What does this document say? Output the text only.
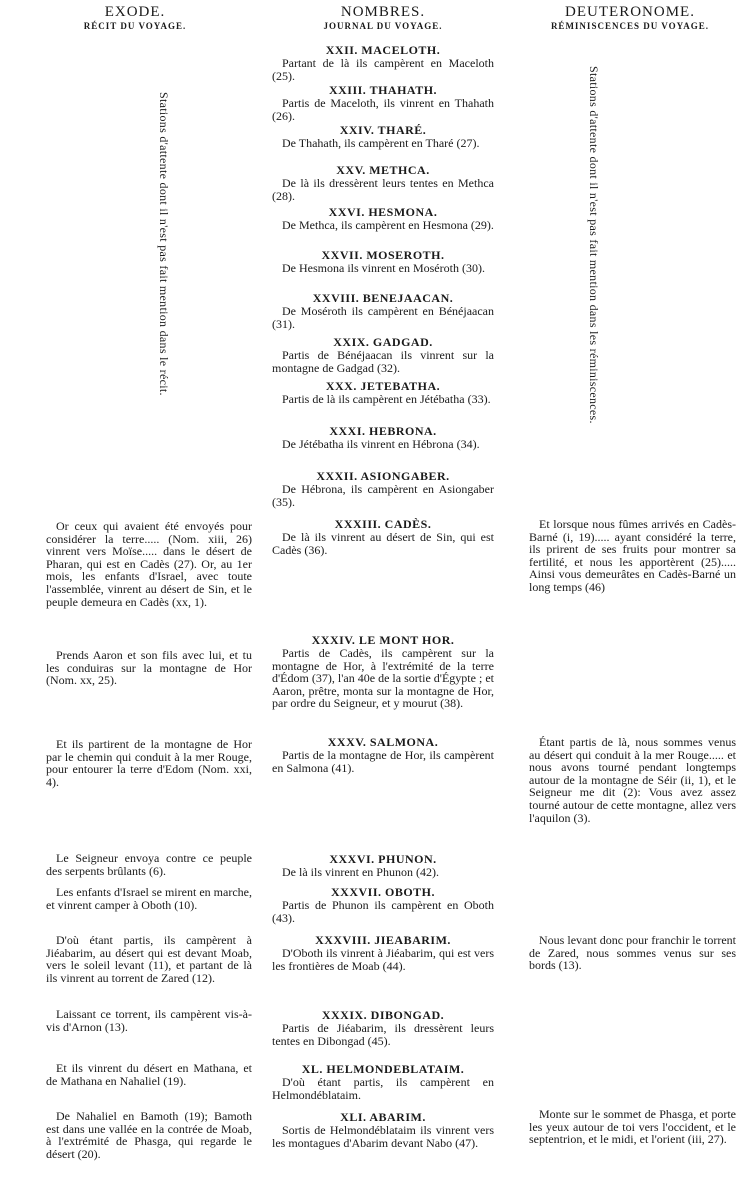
EXODE.
RÉCIT DU VOYAGE.
NOMBRES.
JOURNAL DU VOYAGE.
DEUTERONOME.
RÉMINISCENCES DU VOYAGE.
Stations d'attente dont il n'est pas fait mention dans le récit.	Stations d'attente dont il n'est pas fait mention dans les réminiscences.
XXII. MACELOTH.

Partant de là ils campèrent en Maceloth (25).

XXIII. THAHATH.

Partis de Maceloth, ils vinrent en Thahath (26).

XXIV. THARÉ.

De Thahath, ils campèrent en Tharé (27).

XXV. METHCA.

De là ils dressèrent leurs tentes en Methca (28).

XXVI. HESMONA.

De Methca, ils campèrent en Hesmona (29).

XXVII. MOSEROTH.

De Hesmona ils vinrent en Moséroth (30).

XXVIII. BENEJAACAN.

De Moséroth ils campèrent en Bénéjaacan (31).

XXIX. GADGAD.

Partis de Bénéjaacan ils vinrent sur la montagne de Gadgad (32).

XXX. JETEBATHA.

Partis de là ils campèrent en Jétébatha (33).

XXXI. HEBRONA.

De Jétébatha ils vinrent en Hébrona (34).

XXXII. ASIONGABER.

De Hébrona, ils campèrent en Asiongaber (35).

XXXIII. CADÈS.

De là ils vinrent au désert de Sin, qui est Cadès (36).

XXXIV. LE MONT HOR.

Partis de Cadès, ils campèrent sur la montagne de Hor, à l'extrémité de la terre d'Édom (37), l'an 40e de la sortie d'Égypte ; et Aaron, prêtre, monta sur la montagne de Hor, par ordre du Seigneur, et y mourut (38).

XXXV. SALMONA.

Partis de la montagne de Hor, ils campèrent en Salmona (41).

XXXVI. PHUNON.

De là ils vinrent en Phunon (42).

XXXVII. OBOTH.

Partis de Phunon ils campèrent en Oboth (43).

XXXVIII. JIEABARIM.

D'Oboth ils vinrent à Jiéabarim, qui est vers les frontières de Moab (44).

XXXIX. DIBONGAD.

Partis de Jiéabarim, ils dressèrent leurs tentes en Dibongad (45).

XL. HELMONDEBLATAIM.

D'où étant partis, ils campèrent en Helmondéblataim.

XLI. ABARIM.

Sortis de Helmondéblataim ils vinrent vers les montagues d'Abarim devant Nabo (47).

Or ceux qui avaient été envoyés pour considérer la terre..... (Nom. xiii, 26) vinrent vers Moïse..... dans le désert de Pharan, qui est en Cadès (27). Or, au 1er mois, les enfants d'Israel, avec toute l'assemblée, vinrent au désert de Sin, et le peuple demeura en Cadès (xx, 1).

Prends Aaron et son fils avec lui, et tu les conduiras sur la montagne de Hor (Nom. xx, 25).

Et ils partirent de la montagne de Hor par le chemin qui conduit à la mer Rouge, pour entourer la terre d'Edom (Nom. xxi, 4).

Le Seigneur envoya contre ce peuple des serpents brûlants (6).

Les enfants d'Israel se mirent en marche, et vinrent camper à Oboth (10).

D'où étant partis, ils campèrent à Jiéabarim, au désert qui est devant Moab, vers le soleil levant (11), et partant de là ils vinrent au torrent de Zared (12).

Laissant ce torrent, ils campèrent vis-à-vis d'Arnon (13).

Et ils vinrent du désert en Mathana, et de Mathana en Nahaliel (19).

De Nahaliel en Bamoth (19); Bamoth est dans une vallée en la contrée de Moab, à l'extrémité de Phasga, qui regarde le désert (20).

Et lorsque nous fûmes arrivés en Cadès-Barné (i, 19)..... ayant considéré la terre, ils prirent de ses fruits pour montrer sa fertilité, et nous les apportèrent (25)..... Ainsi vous demeurâtes en Cadès-Barné un long temps (46)

Étant partis de là, nous sommes venus au désert qui conduit à la mer Rouge..... et nous avons tourné pendant longtemps autour de la montagne de Séir (ii, 1), et le Seigneur me dit (2): Vous avez assez tourné autour de cette montagne, allez vers l'aquilon (3).

Nous levant donc pour franchir le torrent de Zared, nous sommes venus sur ses bords (13).

Monte sur le sommet de Phasga, et porte les yeux autour de toi vers l'occident, et le septentrion, et le midi, et l'orient (iii, 27).
